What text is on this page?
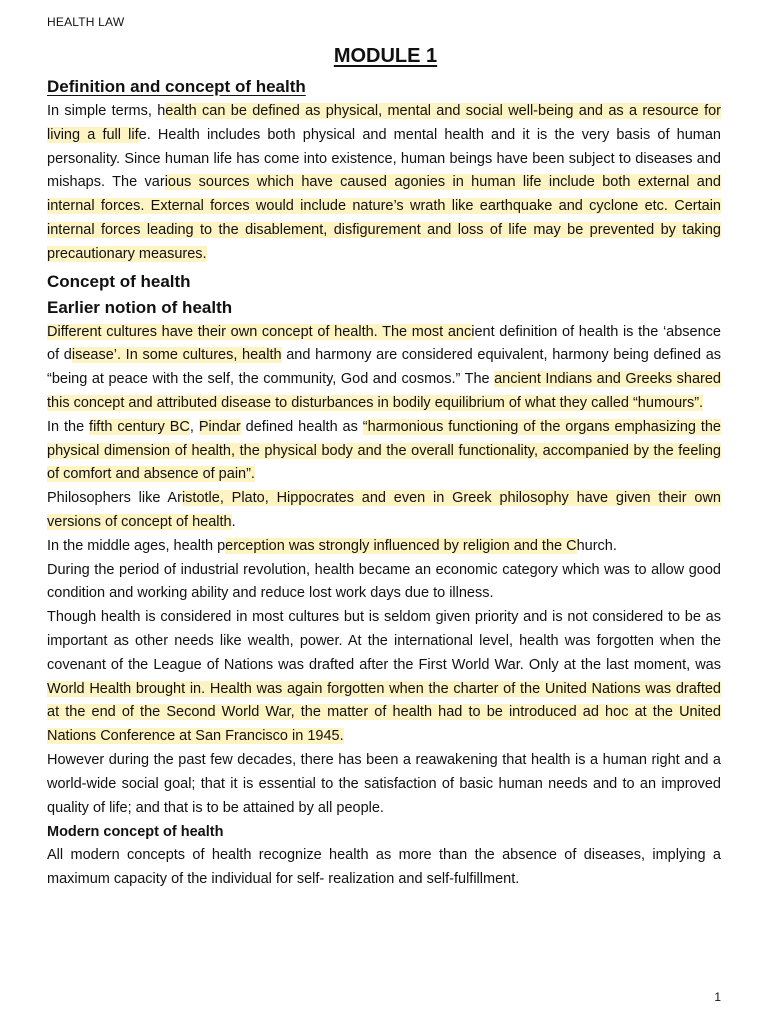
HEALTH LAW
MODULE 1
Definition and concept of health

In simple terms, health can be defined as physical, mental and social well-being and as a resource for living a full life. Health includes both physical and mental health and it is the very basis of human personality. Since human life has come into existence, human beings have been subject to diseases and mishaps. The various sources which have caused agonies in human life include both external and internal forces. External forces would include nature’s wrath like earthquake and cyclone etc. Certain internal forces leading to the disablement, disfigurement and loss of life may be prevented by taking precautionary measures.

Concept of health
Earlier notion of health

Different cultures have their own concept of health. The most ancient definition of health is the ‘absence of disease’. In some cultures, health and harmony are considered equivalent, harmony being defined as “being at peace with the self, the community, God and cosmos.” The ancient Indians and Greeks shared this concept and attributed disease to disturbances in bodily equilibrium of what they called “humours”.

In the fifth century BC, Pindar defined health as “harmonious functioning of the organs emphasizing the physical dimension of health, the physical body and the overall functionality, accompanied by the feeling of comfort and absence of pain”.

Philosophers like Aristotle, Plato, Hippocrates and even in Greek philosophy have given their own versions of concept of health.

In the middle ages, health perception was strongly influenced by religion and the Church.

During the period of industrial revolution, health became an economic category which was to allow good condition and working ability and reduce lost work days due to illness.

Though health is considered in most cultures but is seldom given priority and is not considered to be as important as other needs like wealth, power. At the international level, health was forgotten when the covenant of the League of Nations was drafted after the First World War. Only at the last moment, was World Health brought in. Health was again forgotten when the charter of the United Nations was drafted at the end of the Second World War, the matter of health had to be introduced ad hoc at the United Nations Conference at San Francisco in 1945.

However during the past few decades, there has been a reawakening that health is a human right and a world-wide social goal; that it is essential to the satisfaction of basic human needs and to an improved quality of life; and that is to be attained by all people.

Modern concept of health

All modern concepts of health recognize health as more than the absence of diseases, implying a maximum capacity of the individual for self- realization and self-fulfillment.

1
